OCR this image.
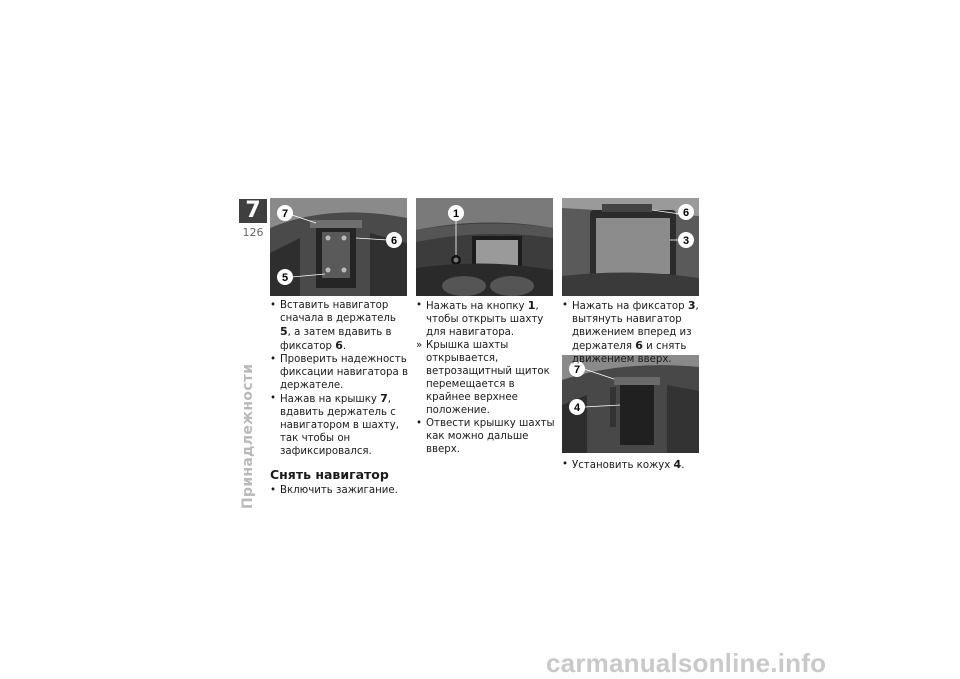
7
126
Принадлежности
7
6
5
1	6
3
7
4

• Вставить навигатор сначала в держатель 5, а затем вдавить в фиксатор 6.

• Проверить надежность фиксации навигатора в держателе.

• Нажав на крышку 7, вдавить держатель с навигатором в шахту, так чтобы он зафиксировался.

Снять навигатор

• Включить зажигание.

• Нажать на кнопку 1, чтобы открыть шахту для навигатора.

» Крышка шахты открывается, ветрозащитный щиток перемещается в крайнее верхнее положение.

• Отвести крышку шахты как можно дальше вверх.

• Нажать на фиксатор 3, вытянуть навигатор движением вперед из держателя 6 и снять движением вверх.

• Установить кожух 4.

carmanualsonline.info
